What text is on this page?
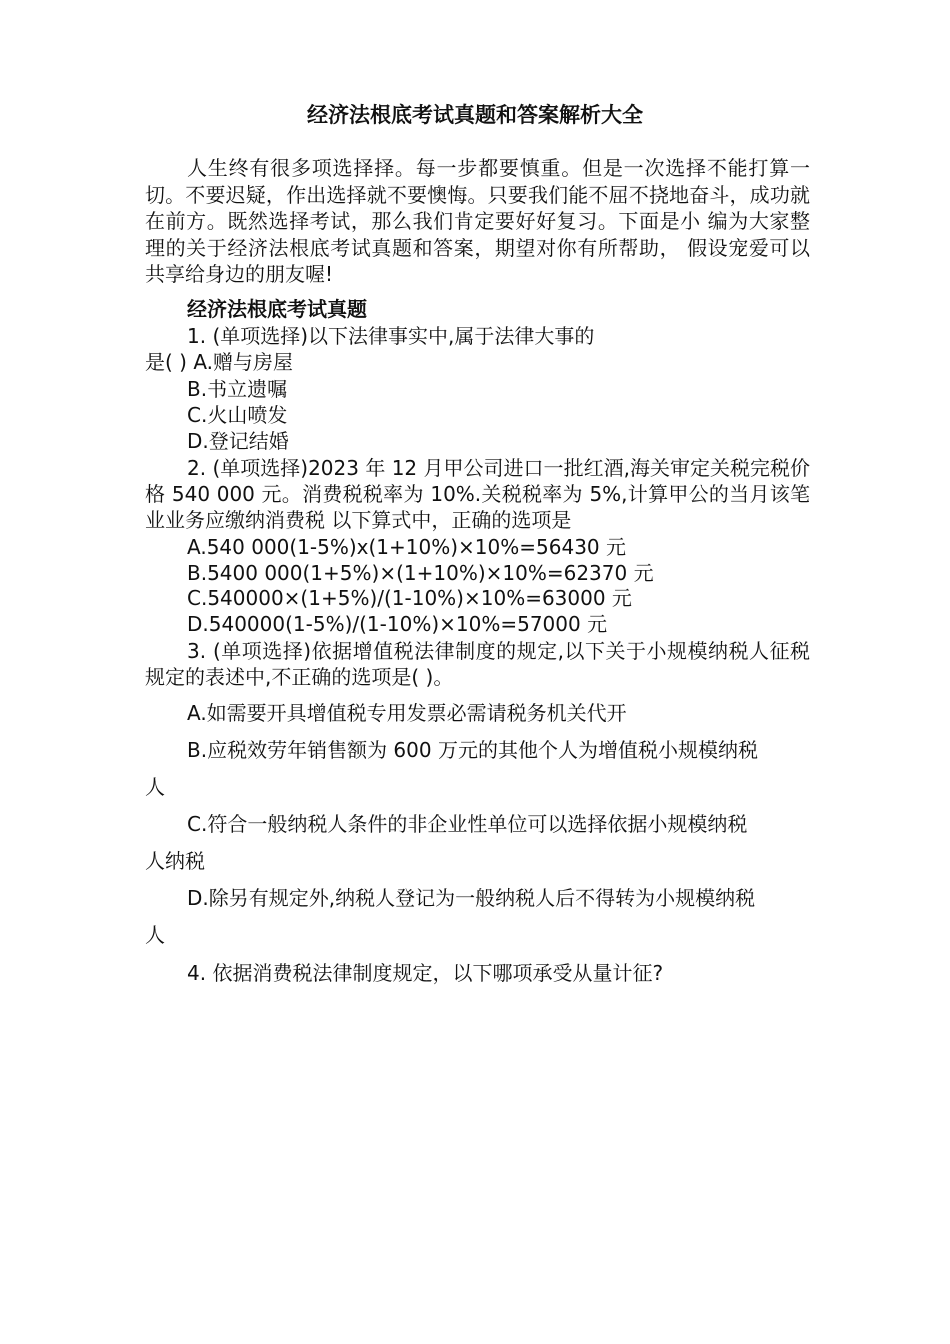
经济法根底考试真题和答案解析大全

人生终有很多项选择择。每一步都要慎重。但是一次选择不能打算一 切。不要迟疑，作出选择就不要懊悔。只要我们能不屈不挠地奋斗，成功就在前方。既然选择考试，那么我们肯定要好好复习。下面是小 编为大家整理的关于经济法根底考试真题和答案，期望对你有所帮助， 假设宠爱可以共享给身边的朋友喔!

经济法根底考试真题
1. (单项选择)以下法律事实中,属于法律大事的
是( ) A.赠与房屋
B.书立遗嘱
C.火山喷发
D.登记结婚

2. (单项选择)2023 年 12 月甲公司进口一批红酒,海关审定关税完税价格 540 000 元。消费税税率为 10%.关税税率为 5%,计算甲公的当月该笔业业务应缴纳消费税 以下算式中，正确的选项是

A.540 000(1-5%)x(1+10%)×10%=56430 元
B.5400 000(1+5%)×(1+10%)×10%=62370 元
C.540000×(1+5%)/(1-10%)×10%=63000 元
D.540000(1-5%)/(1-10%)×10%=57000 元

3. (单项选择)依据增值税法律制度的规定,以下关于小规模纳税人征税规定的表述中,不正确的选项是( )。

A.如需要开具增值税专用发票必需请税务机关代开
B.应税效劳年销售额为 600 万元的其他个人为增值税小规模纳税
人
C.符合一般纳税人条件的非企业性单位可以选择依据小规模纳税
人纳税
D.除另有规定外,纳税人登记为一般纳税人后不得转为小规模纳税
人
4. 依据消费税法律制度规定，以下哪项承受从量计征?
